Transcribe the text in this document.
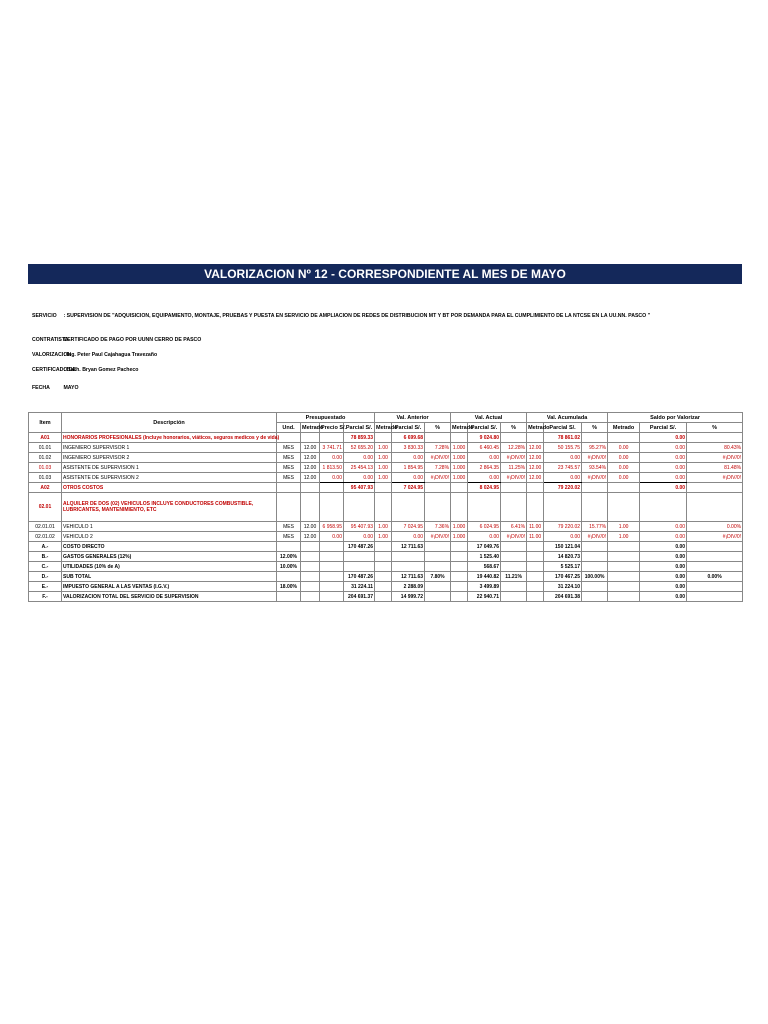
VALORIZACION Nº 12 - CORRESPONDIENTE AL MES DE MAYO
SERVICIO : SUPERVISION DE "ADQUISICION, EQUIPAMIENTO, MONTAJE, PRUEBAS Y PUESTA EN SERVICIO DE AMPLIACION DE REDES DE DISTRIBUCION MT Y BT POR DEMANDA PARA EL CUMPLIMIENTO DE LA NTCSE EN LA UU.NN. PASCO "
CONTRATISTA CERTIFICADO DE PAGO POR UUNN CERRO DE PASCO
VALORIZACION : Ing. Peter Paul Cajahagua Travezaño
CERTIFICADO DE : Bach. Bryan Gomez Pacheco
FECHA	MAYO
Item	Descripción	Presupuestado				Val. Anterior			Val. Actual			Val. Acumulada			Saldo por Valorizar		
		Und.	Metrado	Precio S/.	Parcial S/.	Metrado	Parcial S/.	%	Metrado	Parcial S/.	%	Metrado	Parcial S/.	%	Metrado	Parcial S/.	%
A01	HONORARIOS PROFESIONALES (Incluye honorarios, viáticos, seguros medicos y de vida)				78 859.33		6 699.68			9 024.80			78 861.02			0.00	
01.01	INGENIERO SUPERVISOR 1	MES	12.00	3 741.71	52 655.20	1.00	3 830.33	7.28%	1.000	6 460.45	12.28%	12.00	50 155.75	95.27%	0.00	0.00	80.43%
01.02	INGENIERO SUPERVISOR 2	MES	12.00	0.00	0.00	1.00	0.00	#¡DIV/0!	1.000	0.00	#¡DIV/0!	12.00	0.00	#¡DIV/0!	0.00	0.00	#¡DIV/0!
01.03	ASISTENTE DE SUPERVISION 1	MES	12.00	1 813.50	25 454.13	1.00	1 854.95	7.28%	1.000	2 864.35	11.25%	12.00	23 745.57	93.54%	0.00	0.00	81.48%
01.03	ASISTENTE DE SUPERVISION 2	MES	12.00	0.00	0.00	1.00	0.00	#¡DIV/0!	1.000	0.00	#¡DIV/0!	12.00	0.00	#¡DIV/0!	0.00	0.00	#¡DIV/0!
A02	OTROS COSTOS				95 407.93		7 024.95			8 024.95			79 220.02			0.00	
02.01	ALQUILER DE DOS (02) VEHICULOS INCLUYE CONDUCTORES COMBUSTIBLE, LUBRICANTES, MANTENIMIENTO, ETC																
02.01.01	VEHICULO 1	MES	12.00	6 958.95	95 407.93	1.00	7 024.95	7.36%	1.000	6 024.95	6.41%	11.00	79 220.02	15.77%	1.00	0.00	0.00%
02.01.02	VEHICULO 2	MES	12.00	0.00	0.00	1.00	0.00	#¡DIV/0!	1.000	0.00	#¡DIV/0!	11.00	0.00	#¡DIV/0!	1.00	0.00	#¡DIV/0!
A.-	COSTO DIRECTO				170 487.26		12 711.63			17 049.76			150 121.04			0.00	
B.-	GASTOS GENERALES (12%)	12.00%								1 525.40			14 820.73			0.00	
C.-	UTILIDADES (10% de A)	10.00%								568.67			5 525.17			0.00	
D.-	SUB TOTAL				170 487.26		12 711.63	7.80%		19 440.82	11.21%		170 467.25	100.00%		0.00	0.00%
E.-	IMPUESTO GENERAL A LAS VENTAS (I.G.V.)	18.00%			31 224.11		2 288.09			3 499.89			31 224.10			0.00	
F.-	VALORIZACION TOTAL DEL SERVICIO DE SUPERVISION				204 691.37		14 999.72			22 940.71			204 691.38			0.00	
